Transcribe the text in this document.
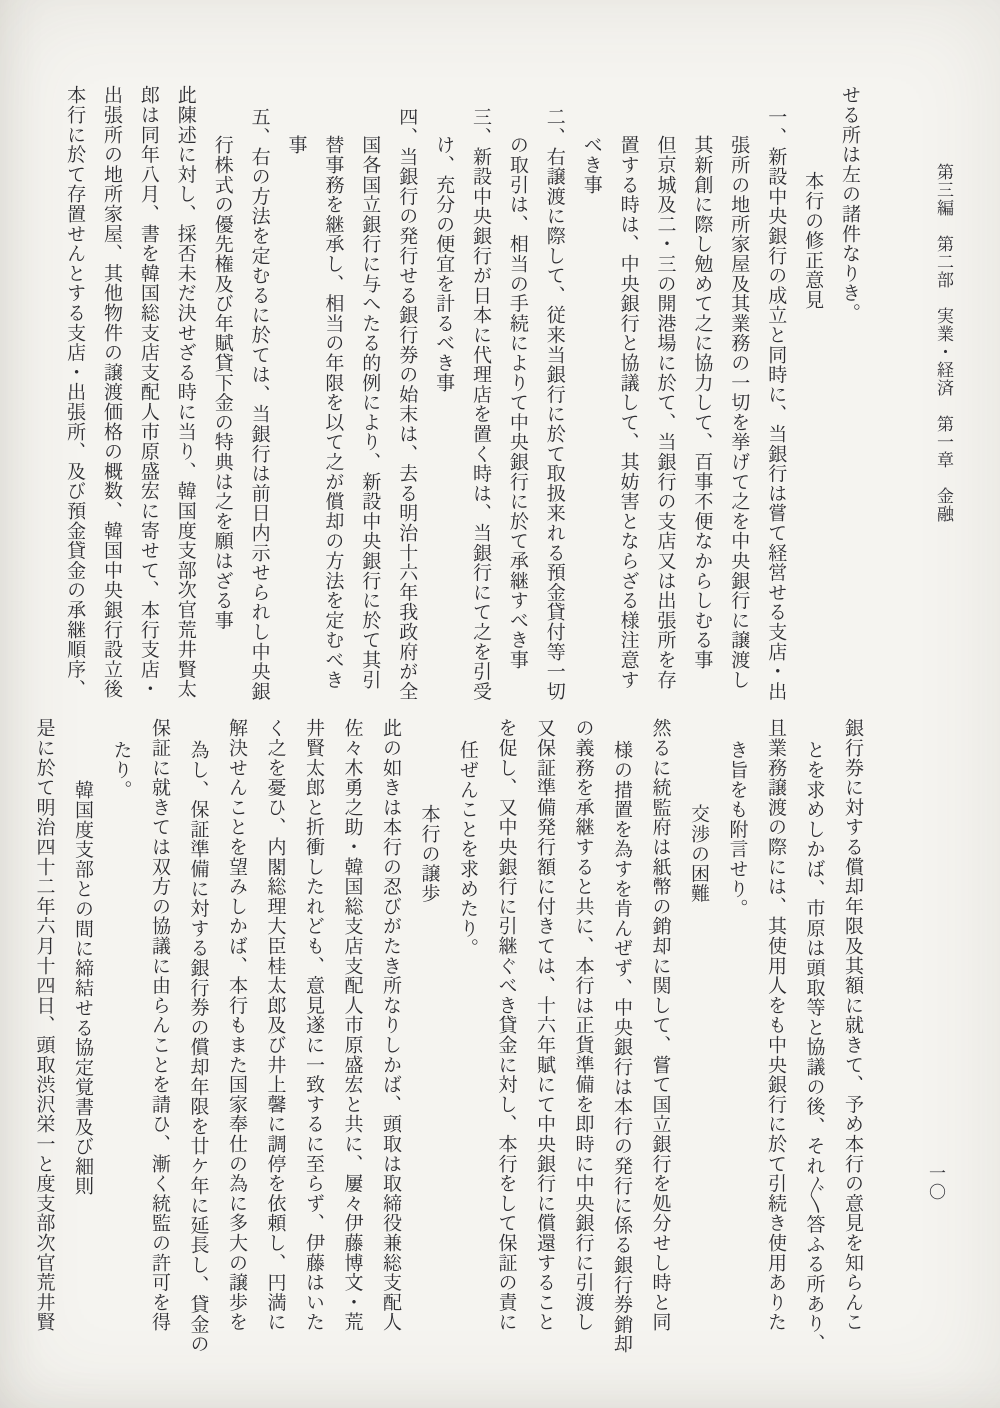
第三編　第二部　実業・経済　第一章　金融
せる所は左の諸件なりき。
本行の修正意見
一、新設中央銀行の成立と同時に、当銀行は嘗て経営せる支店・出
張所の地所家屋及其業務の一切を挙げて之を中央銀行に譲渡し
其新創に際し勉めて之に協力して、百事不便なからしむる事
但京城及二・三の開港場に於て、当銀行の支店又は出張所を存
置する時は、中央銀行と協議して、其妨害とならざる様注意す
べき事
二、右譲渡に際して、従来当銀行に於て取扱来れる預金貸付等一切
の取引は、相当の手続によりて中央銀行に於て承継すべき事
三、新設中央銀行が日本に代理店を置く時は、当銀行にて之を引受
け、充分の便宜を計るべき事
四、当銀行の発行せる銀行券の始末は、去る明治十六年我政府が全
国各国立銀行に与へたる的例により、新設中央銀行に於て其引
替事務を継承し、相当の年限を以て之が償却の方法を定むべき
事
五、右の方法を定むるに於ては、当銀行は前日内示せられし中央銀
行株式の優先権及び年賦貸下金の特典は之を願はざる事
此陳述に対し、採否未だ決せざる時に当り、韓国度支部次官荒井賢太
郎は同年八月、書を韓国総支店支配人市原盛宏に寄せて、本行支店・
出張所の地所家屋、其他物件の譲渡価格の概数、韓国中央銀行設立後
本行に於て存置せんとする支店・出張所、及び預金貸金の承継順序、
銀行券に対する償却年限及其額に就きて、予め本行の意見を知らんこ
とを求めしかば、市原は頭取等と協議の後、それ〴〵答ふる所あり、
且業務譲渡の際には、其使用人をも中央銀行に於て引続き使用ありた
き旨をも附言せり。
交渉の困難
然るに統監府は紙幣の銷却に関して、嘗て国立銀行を処分せし時と同
様の措置を為すを肯んぜず、中央銀行は本行の発行に係る銀行券銷却
の義務を承継すると共に、本行は正貨準備を即時に中央銀行に引渡し
又保証準備発行額に付きては、十六年賦にて中央銀行に償還すること
を促し、又中央銀行に引継ぐべき貸金に対し、本行をして保証の責に
任ぜんことを求めたり。
本行の譲歩
此の如きは本行の忍びがたき所なりしかば、頭取は取締役兼総支配人
佐々木勇之助・韓国総支店支配人市原盛宏と共に、屢々伊藤博文・荒
井賢太郎と折衝したれども、意見遂に一致するに至らず、伊藤はいた
く之を憂ひ、内閣総理大臣桂太郎及び井上馨に調停を依頼し、円満に
解決せんことを望みしかば、本行もまた国家奉仕の為に多大の譲歩を
為し、保証準備に対する銀行券の償却年限を廿ケ年に延長し、貸金の
保証に就きては双方の協議に由らんことを請ひ、漸く統監の許可を得
たり。
韓国度支部との間に締結せる協定覚書及び細則
是に於て明治四十二年六月十四日、頭取渋沢栄一と度支部次官荒井賢	一〇
